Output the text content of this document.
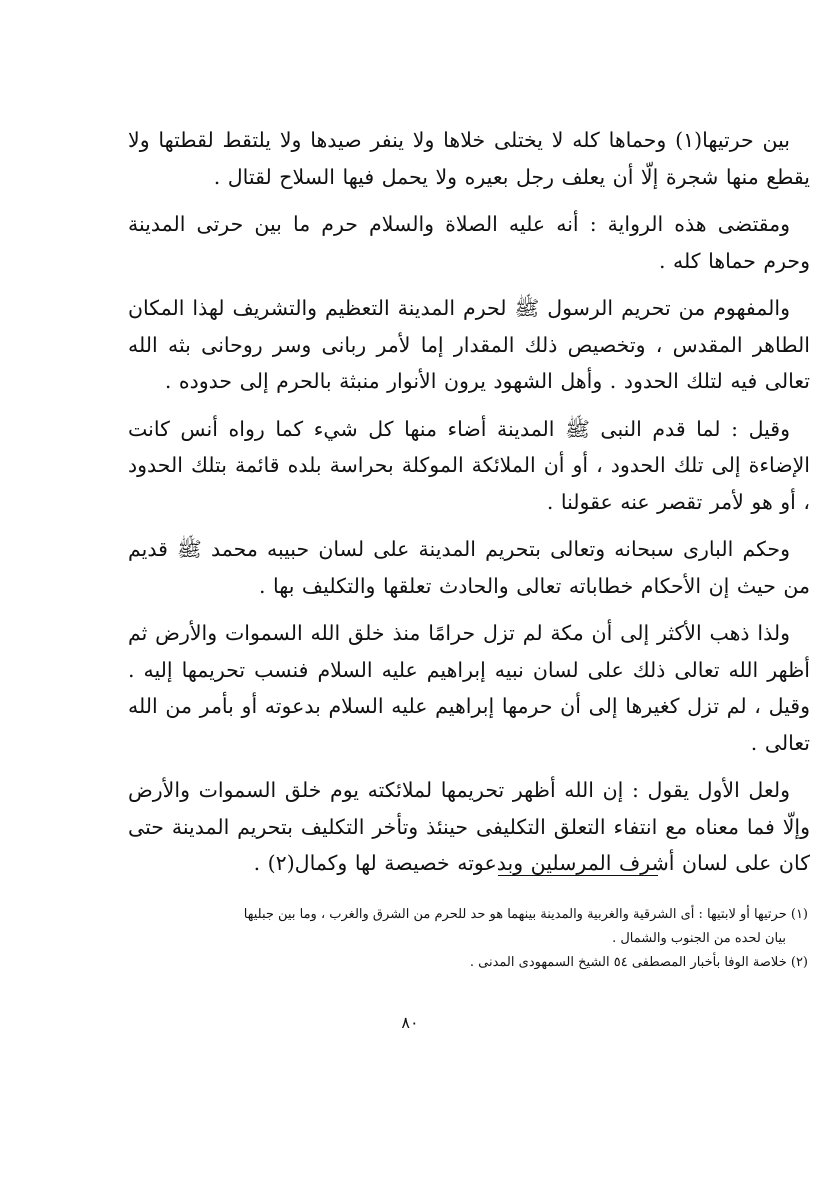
بين حرتيها(١) وحماها كله لا يختلى خلاها ولا ينفر صيدها ولا يلتقط لقطتها ولا يقطع منها شجرة إلّا أن يعلف رجل بعيره ولا يحمل فيها السلاح لقتال .

ومقتضى هذه الرواية : أنه عليه الصلاة والسلام حرم ما بين حرتى المدينة وحرم حماها كله .

والمفهوم من تحريم الرسول ﷺ لحرم المدينة التعظيم والتشريف لهذا المكان الطاهر المقدس ، وتخصيص ذلك المقدار إما لأمر ربانى وسر روحانى بثه الله تعالى فيه لتلك الحدود . وأهل الشهود يرون الأنوار منبثة بالحرم إلى حدوده .

وقيل : لما قدم النبى ﷺ المدينة أضاء منها كل شيء كما رواه أنس كانت الإضاءة إلى تلك الحدود ، أو أن الملائكة الموكلة بحراسة بلده قائمة بتلك الحدود ، أو هو لأمر تقصر عنه عقولنا .

وحكم البارى سبحانه وتعالى بتحريم المدينة على لسان حبيبه محمد ﷺ قديم من حيث إن الأحكام خطاباته تعالى والحادث تعلقها والتكليف بها .

ولذا ذهب الأكثر إلى أن مكة لم تزل حرامًا منذ خلق الله السموات والأرض ثم أظهر الله تعالى ذلك على لسان نبيه إبراهيم عليه السلام فنسب تحريمها إليه . وقيل ، لم تزل كغيرها إلى أن حرمها إبراهيم عليه السلام بدعوته أو بأمر من الله تعالى .

ولعل الأول يقول : إن الله أظهر تحريمها لملائكته يوم خلق السموات والأرض وإلّا فما معناه مع انتفاء التعلق التكليفى حينئذ وتأخر التكليف بتحريم المدينة حتى كان على لسان أشرف المرسلين وبدعوته خصيصة لها وكمال(٢) .

(١) حرتيها أو لابتيها : أى الشرقية والغربية والمدينة بينهما هو حد للحرم من الشرق والغرب ، وما بين جبليها

بيان لحده من الجنوب والشمال .

(٢) خلاصة الوفا بأخبار المصطفى ٥٤ الشيخ السمهودى المدنى .

٨٠
